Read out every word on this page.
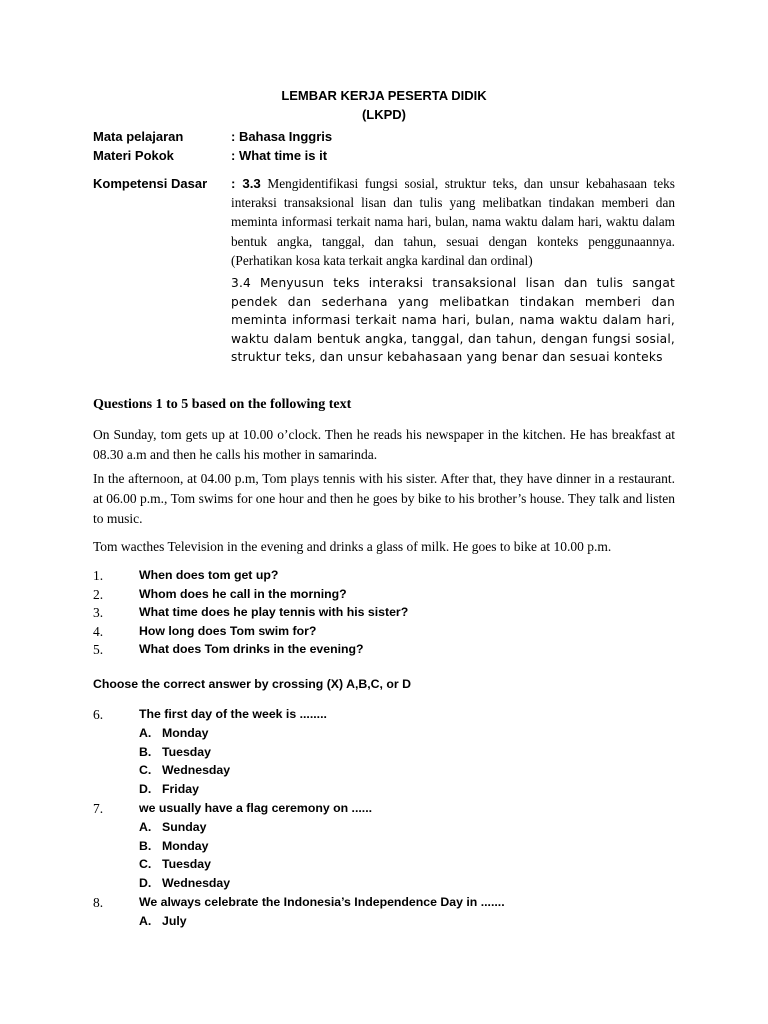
LEMBAR KERJA PESERTA DIDIK
(LKPD)
Mata pelajaran	: Bahasa Inggris
Materi Pokok	: What time is it
Kompetensi Dasar : 3.3 Mengidentifikasi fungsi sosial, struktur teks, dan unsur kebahasaan teks interaksi transaksional lisan dan tulis yang melibatkan tindakan memberi dan meminta informasi terkait nama hari, bulan, nama waktu dalam hari, waktu dalam bentuk angka, tanggal, dan tahun, sesuai dengan konteks penggunaannya. (Perhatikan kosa kata terkait angka kardinal dan ordinal)
3.4 Menyusun teks interaksi transaksional lisan dan tulis sangat pendek dan sederhana yang melibatkan tindakan memberi dan meminta informasi terkait nama hari, bulan, nama waktu dalam hari, waktu dalam bentuk angka, tanggal, dan tahun, dengan fungsi sosial, struktur teks, dan unsur kebahasaan yang benar dan sesuai konteks
Questions 1 to 5 based on the following text
On Sunday, tom gets up at 10.00 o’clock. Then he reads his newspaper in the kitchen. He has breakfast at 08.30 a.m and then he calls his mother in samarinda.
In the afternoon, at 04.00 p.m, Tom plays tennis with his sister. After that, they have dinner in a restaurant. at 06.00 p.m., Tom swims for one hour and then he goes by bike to his brother’s house. They talk and listen to music.
Tom wacthes Television in the evening and drinks a glass of milk. He goes to bike at 10.00 p.m.
1.	When does tom get up?
2.	Whom does he call in the morning?
3.	What time does he play tennis with his sister?
4.	How long does Tom swim for?
5.	What does Tom drinks in the evening?
Choose the correct answer by crossing (X) A,B,C, or D
6.	The first day of the week is ........
A. Monday
B. Tuesday
C. Wednesday
D. Friday
7.	we usually have a flag ceremony on ......
A. Sunday
B. Monday
C. Tuesday
D. Wednesday
8.	We always celebrate the Indonesia’s Independence Day in .......
A. July
